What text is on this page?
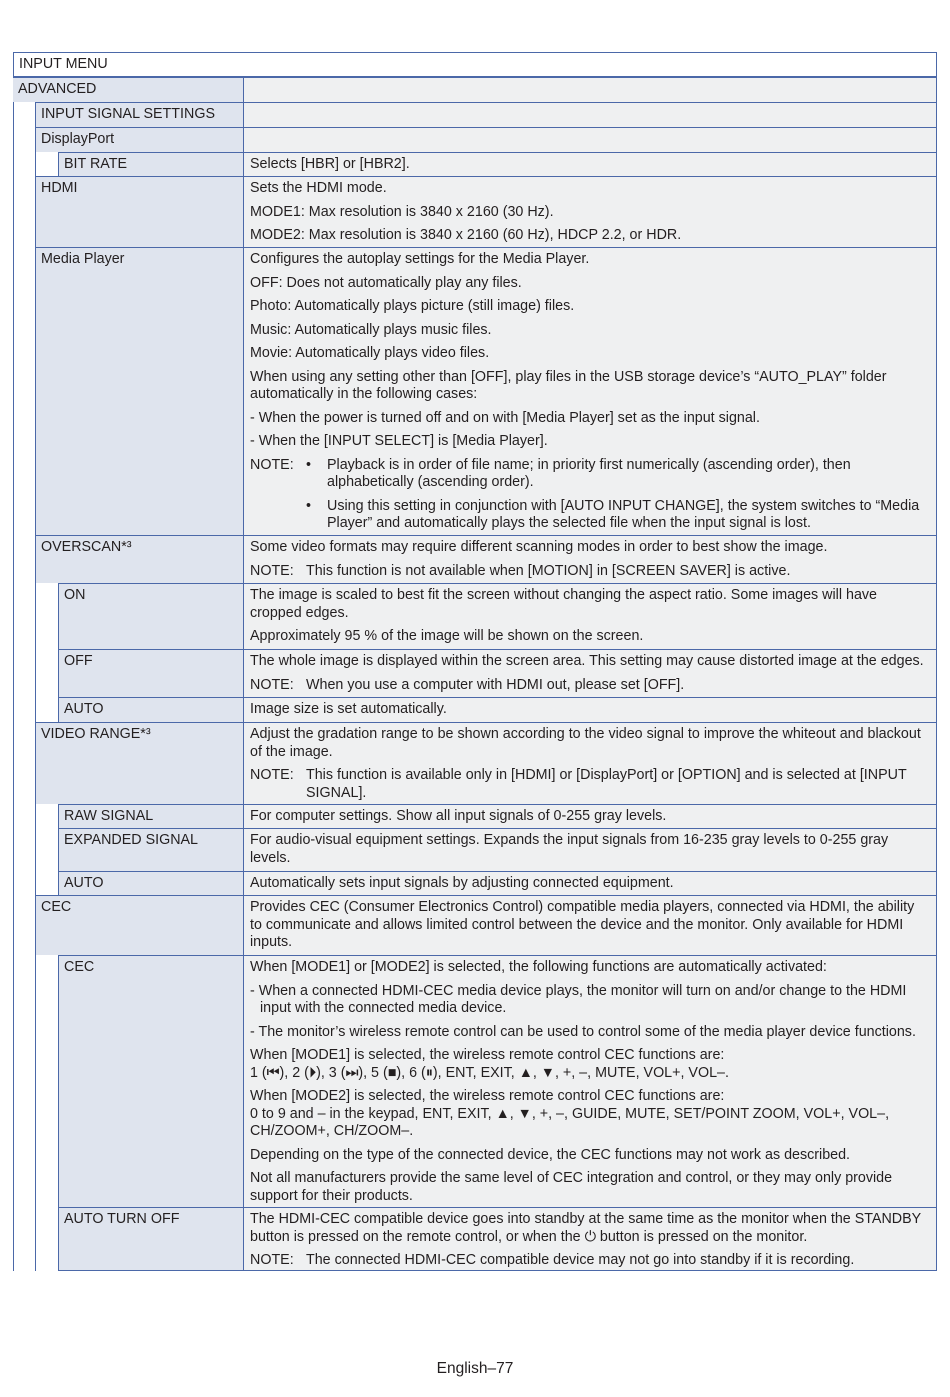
INPUT MENU
ADVANCED
INPUT SIGNAL SETTINGS
DisplayPort
BIT RATE	Selects [HBR] or [HBR2].
HDMI	Sets the HDMI mode.
MODE1: Max resolution is 3840 x 2160 (30 Hz).
MODE2: Max resolution is 3840 x 2160 (60 Hz), HDCP 2.2, or HDR.
Media Player	Configures the autoplay settings for the Media Player.
OFF: Does not automatically play any files.
Photo: Automatically plays picture (still image) files.
Music: Automatically plays music files.
Movie: Automatically plays video files.
When using any setting other than [OFF], play files in the USB storage device’s “AUTO_PLAY” folder automatically in the following cases:
- When the power is turned off and on with [Media Player] set as the input signal.
- When the [INPUT SELECT] is [Media Player].
NOTE: •	Playback is in order of file name; in priority first numerically (ascending order), then alphabetically (ascending order).
•	Using this setting in conjunction with [AUTO INPUT CHANGE], the system switches to “Media Player” and automatically plays the selected file when the input signal is lost.
OVERSCAN*³	Some video formats may require different scanning modes in order to best show the image.
NOTE: This function is not available when [MOTION] in [SCREEN SAVER] is active.
ON	The image is scaled to best fit the screen without changing the aspect ratio. Some images will have cropped edges.
Approximately 95 % of the image will be shown on the screen.
OFF	The whole image is displayed within the screen area. This setting may cause distorted image at the edges.
NOTE: When you use a computer with HDMI out, please set [OFF].
AUTO	Image size is set automatically.
VIDEO RANGE*³	Adjust the gradation range to be shown according to the video signal to improve the whiteout and blackout of the image.
NOTE: This function is available only in [HDMI] or [DisplayPort] or [OPTION] and is selected at [INPUT SIGNAL].
RAW SIGNAL	For computer settings. Show all input signals of 0-255 gray levels.
EXPANDED SIGNAL	For audio-visual equipment settings. Expands the input signals from 16-235 gray levels to 0-255 gray levels.
AUTO	Automatically sets input signals by adjusting connected equipment.
CEC	Provides CEC (Consumer Electronics Control) compatible media players, connected via HDMI, the ability to communicate and allows limited control between the device and the monitor. Only available for HDMI inputs.
CEC	When [MODE1] or [MODE2] is selected, the following functions are automatically activated:
- When a connected HDMI-CEC media device plays, the monitor will turn on and/or change to the HDMI input with the connected media device.
- The monitor’s wireless remote control can be used to control some of the media player device functions.
When [MODE1] is selected, the wireless remote control CEC functions are:
1 (⏮), 2 (⏵), 3 (⏭), 5 (■), 6 (⏸), ENT, EXIT, ▲, ▼, +, –, MUTE, VOL+, VOL–.
When [MODE2] is selected, the wireless remote control CEC functions are:
0 to 9 and – in the keypad, ENT, EXIT, ▲, ▼, +, –, GUIDE, MUTE, SET/POINT ZOOM, VOL+, VOL–, CH/ZOOM+, CH/ZOOM–.
Depending on the type of the connected device, the CEC functions may not work as described.
Not all manufacturers provide the same level of CEC integration and control, or they may only provide support for their products.
AUTO TURN OFF	The HDMI-CEC compatible device goes into standby at the same time as the monitor when the STANDBY button is pressed on the remote control, or when the ⏻ button is pressed on the monitor.
NOTE: The connected HDMI-CEC compatible device may not go into standby if it is recording.
English–77
